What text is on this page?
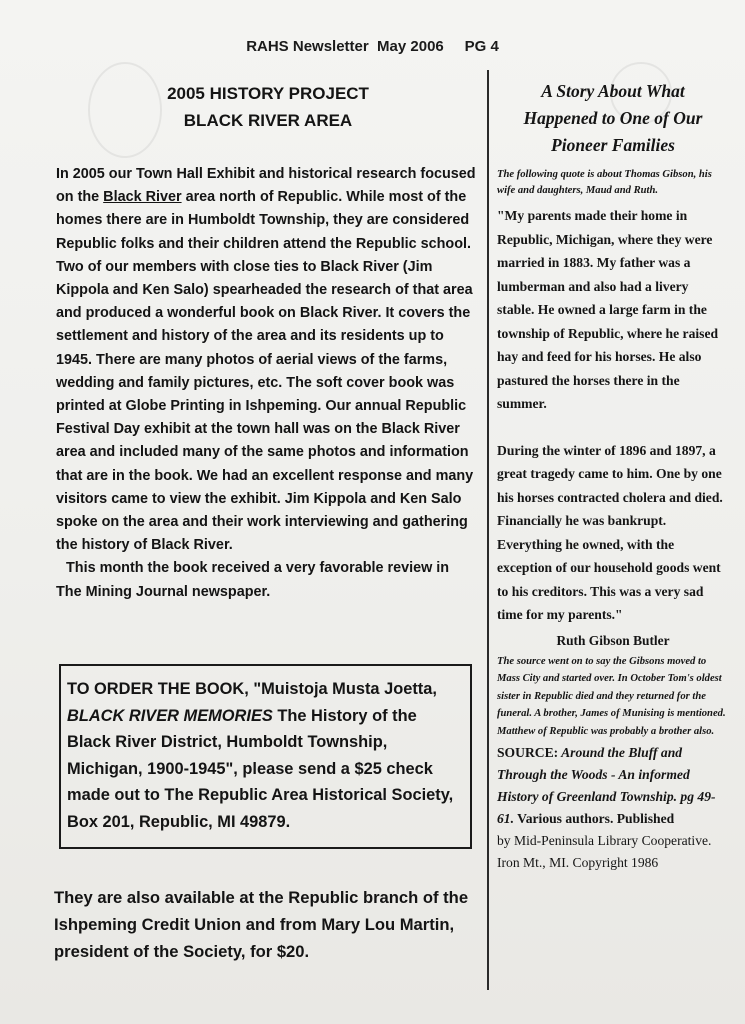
RAHS Newsletter  May 2006     PG 4
2005 HISTORY PROJECT
BLACK RIVER AREA

In 2005 our Town Hall Exhibit and historical research focused on the Black River area north of Republic. While most of the homes there are in Humboldt Township, they are considered Republic folks and their children attend the Republic school. Two of our members with close ties to Black River (Jim Kippola and Ken Salo) spearheaded the research of that area and produced a wonderful book on Black River. It covers the settlement and history of the area and its residents up to 1945. There are many photos of aerial views of the farms, wedding and family pictures, etc. The soft cover book was printed at Globe Printing in Ishpeming. Our annual Republic Festival Day exhibit at the town hall was on the Black River area and included many of the same photos and information that are in the book. We had an excellent response and many visitors came to view the exhibit. Jim Kippola and Ken Salo spoke on the area and their work interviewing and gathering the history of Black River.

This month the book received a very favorable review in The Mining Journal newspaper.

TO ORDER THE BOOK, "Muistoja Musta Joetta, BLACK RIVER MEMORIES The History of the Black River District, Humboldt Township, Michigan, 1900-1945", please send a $25 check made out to The Republic Area Historical Society, Box 201, Republic, MI 49879.
They are also available at the Republic branch of the Ishpeming Credit Union and from Mary Lou Martin, president of the Society, for $20.
A Story About What
Happened to One of Our
Pioneer Families
The following quote is about Thomas Gibson, his wife and daughters, Maud and Ruth.

"My parents made their home in Republic, Michigan, where they were married in 1883. My father was a lumberman and also had a livery stable. He owned a large farm in the township of Republic, where he raised hay and feed for his horses. He also pastured the horses there in the summer.

During the winter of 1896 and 1897, a great tragedy came to him. One by one his horses contracted cholera and died. Financially he was bankrupt. Everything he owned, with the exception of our household goods went to his creditors. This was a very sad time for my parents."

Ruth Gibson Butler
The source went on to say the Gibsons moved to Mass City and started over. In October Tom's oldest sister in Republic died and they returned for the funeral. A brother, James of Munising is mentioned. Matthew of Republic was probably a brother also.
SOURCE: Around the Bluff and Through the Woods - An informed History of Greenland Township. pg 49-61. Various authors. Published
by Mid-Peninsula Library Cooperative. Iron Mt., MI. Copyright 1986
